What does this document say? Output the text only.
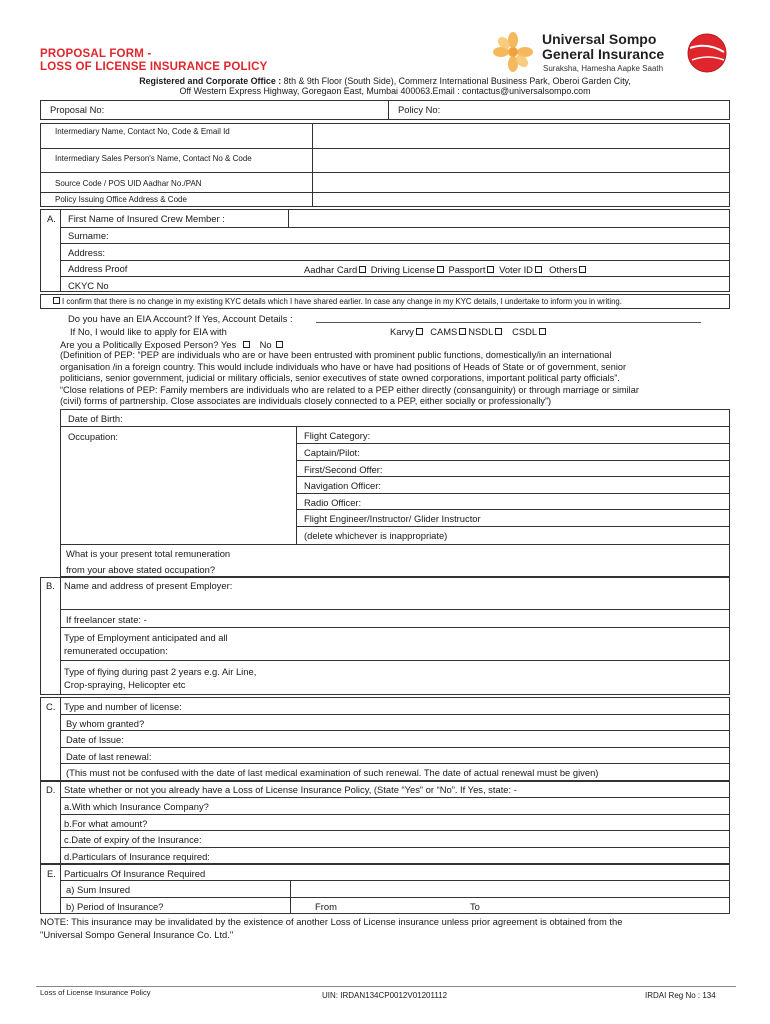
PROPOSAL FORM -
LOSS OF LICENSE INSURANCE POLICY
Universal Sompo
General Insurance
Suraksha, Hamesha Aapke Saath
Registered and Corporate Office : 8th & 9th Floor (South Side), Commerz International Business Park, Oberoi Garden City,
Off Western Express Highway, Goregaon East, Mumbai 400063.Email : contactus@universalsompo.com
Proposal No:	Policy No:
Intermediary Name, Contact No, Code & Email Id
Intermediary Sales Person's Name, Contact No & Code
Source Code / POS UID Aadhar No./PAN
Policy Issuing Office Address & Code
A. First Name of Insured Crew Member :
Surname:
Address:
Address Proof	Aadhar Card Driving License Passport Voter ID Others
CKYC No
I confirm that there is no change in my existing KYC details which I have shared earlier. In case any change in my KYC details, I undertake to inform you in writing.
Do you have an EIA Account? If Yes, Account Details :
If No, I would like to apply for EIA with	Karvy CAMS NSDL CSDL
Are you a Politically Exposed Person? Yes No
(Definition of PEP: “PEP are individuals who are or have been entrusted with prominent public functions, domestically/in an international
organisation /in a foreign country. This would include individuals who have or have had positions of Heads of State or of government, senior
politicians, senior government, judicial or military officials, senior executives of state owned corporations, important political party officials”.
“Close relations of PEP: Family members are individuals who are related to a PEP either directly (consanguinity) or through marriage or similar
(civil) forms of partnership. Close associates are individuals closely connected to a PEP, either socially or professionally”)
Date of Birth:
Occupation:	Flight Category:
Captain/Pilot:
First/Second Offer:
Navigation Officer:
Radio Officer:
Flight Engineer/Instructor/ Glider Instructor
(delete whichever is inappropriate)
What is your present total remuneration
from your above stated occupation?
B. Name and address of present Employer:
If freelancer state: -
Type of Employment anticipated and all
remunerated occupation:
Type of flying during past 2 years e.g. Air Line,
Crop-spraying, Helicopter etc
C. Type and number of license:
By whom granted?
Date of Issue:
Date of last renewal:
(This must not be confused with the date of last medical examination of such renewal. The date of actual renewal must be given)
D. State whether or not you already have a Loss of License Insurance Policy, (State “Yes” or “No”. If Yes, state: -
a.With which Insurance Company?
b.For what amount?
c.Date of expiry of the Insurance:
d.Particulars of Insurance required:
E. Particualrs Of Insurance Required
a) Sum Insured
b) Period of Insurance?	From	To
NOTE: This insurance may be invalidated by the existence of another Loss of License insurance unless prior agreement is obtained from the
"Universal Sompo General Insurance Co. Ltd."
Loss of License Insurance Policy	UIN: IRDAN134CP0012V01201112	IRDAI Reg No : 134
